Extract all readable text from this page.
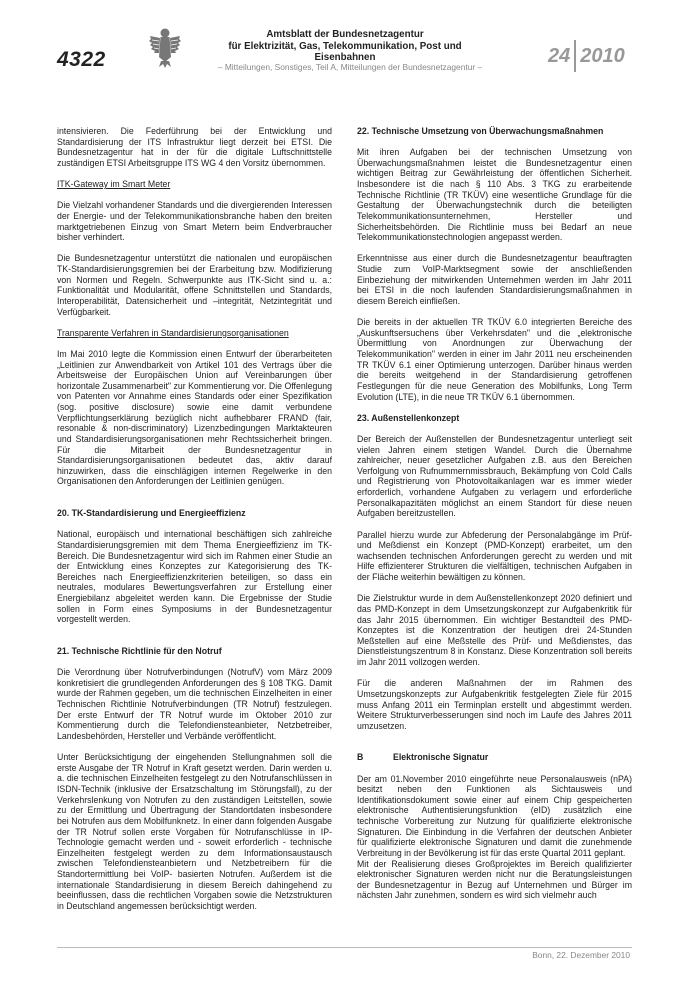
4322
Amtsblatt der Bundesnetzagentur
für Elektrizität, Gas, Telekommunikation, Post und Eisenbahnen
– Mitteilungen, Sonstiges, Teil A, Mitteilungen der Bundesnetzagentur –	24 2010

intensivieren. Die Federführung bei der Entwicklung und Standardisierung der ITS Infrastruktur liegt derzeit bei ETSI. Die Bundesnetzagentur hat in der für die digitale Luftschnittstelle zuständigen ETSI Arbeitsgruppe ITS WG 4 den Vorsitz übernommen.

ITK-Gateway im Smart Meter

Die Vielzahl vorhandener Standards und die divergierenden Interessen der Energie- und der Telekommunikationsbranche haben den breiten marktgetriebenen Einzug von Smart Metern beim Endverbraucher bisher verhindert.

Die Bundesnetzagentur unterstützt die nationalen und europäischen TK-Standardisierungsgremien bei der Erarbeitung bzw. Modifizierung von Normen und Regeln. Schwerpunkte aus ITK-Sicht sind u. a.: Funktionalität und Modularität, offene Schnittstellen und Standards, Interoperabilität, Datensicherheit und –integrität, Netzintegrität und Verfügbarkeit.

Transparente Verfahren in Standardisierungsorganisationen

Im Mai 2010 legte die Kommission einen Entwurf der überarbeiteten „Leitlinien zur Anwendbarkeit von Artikel 101 des Vertrags über die Arbeitsweise der Europäischen Union auf Vereinbarungen über horizontale Zusammenarbeit" zur Kommentierung vor. Die Offenlegung von Patenten vor Annahme eines Standards oder einer Spezifikation (sog. positive disclosure) sowie eine damit verbundene Verpflichtungserklärung bezüglich nicht aufhebbarer FRAND (fair, resonable & non-discriminatory) Lizenzbedingungen Marktakteuren und Standardisierungsorganisationen mehr Rechtssicherheit bringen. Für die Mitarbeit der Bundesnetzagentur in Standardisierungsorganisationen bedeutet das, aktiv darauf hinzuwirken, dass die einschlägigen internen Regelwerke in den Organisationen den Anforderungen der Leitlinien genügen.

20. TK-Standardisierung und Energieeffizienz

National, europäisch und international beschäftigen sich zahlreiche Standardisierungsgremien mit dem Thema Energieeffizienz im TK-Bereich. Die Bundesnetzagentur wird sich im Rahmen einer Studie an der Entwicklung eines Konzeptes zur Kategorisierung des TK-Bereiches nach Energieeffizienzkriterien beteiligen, so dass ein neutrales, modulares Bewertungsverfahren zur Erstellung einer Energiebilanz abgeleitet werden kann. Die Ergebnisse der Studie sollen in Form eines Symposiums in der Bundesnetzagentur vorgestellt werden.

21. Technische Richtlinie für den Notruf

Die Verordnung über Notrufverbindungen (NotrufV) vom März 2009 konkretisiert die grundlegenden Anforderungen des § 108 TKG. Damit wurde der Rahmen gegeben, um die technischen Einzelheiten in einer Technischen Richtlinie Notrufverbindungen (TR Notruf) festzulegen. Der erste Entwurf der TR Notruf wurde im Oktober 2010 zur Kommentierung durch die Telefondiensteanbieter, Netzbetreiber, Landesbehörden, Hersteller und Verbände veröffentlicht.

Unter Berücksichtigung der eingehenden Stellungnahmen soll die erste Ausgabe der TR Notruf in Kraft gesetzt werden. Darin werden u. a. die technischen Einzelheiten festgelegt zu den Notrufanschlüssen in ISDN-Technik (inklusive der Ersatzschaltung im Störungsfall), zu der Verkehrslenkung von Notrufen zu den zuständigen Leitstellen, sowie zu der Ermittlung und Übertragung der Standortdaten insbesondere bei Notrufen aus dem Mobilfunknetz. In einer dann folgenden Ausgabe der TR Notruf sollen erste Vorgaben für Notrufanschlüsse in IP-Technologie gemacht werden und - soweit erforderlich - technische Einzelheiten festgelegt werden zu dem Informationsaustausch zwischen Telefondiensteanbietern und Netzbetreibern für die Standortermittlung bei VoIP- basierten Notrufen. Außerdem ist die internationale Standardisierung in diesem Bereich dahingehend zu beeinflussen, dass die rechtlichen Vorgaben sowie die Netzstrukturen in Deutschland angemessen berücksichtigt werden.

22. Technische Umsetzung von Überwachungsmaßnahmen

Mit ihren Aufgaben bei der technischen Umsetzung von Überwachungsmaßnahmen leistet die Bundesnetzagentur einen wichtigen Beitrag zur Gewährleistung der öffentlichen Sicherheit. Insbesondere ist die nach § 110 Abs. 3 TKG zu erarbeitende Technische Richtlinie (TR TKÜV) eine wesentliche Grundlage für die Gestaltung der Überwachungstechnik durch die beteiligten Telekommunikationsunternehmen, Hersteller und Sicherheitsbehörden. Die Richtlinie muss bei Bedarf an neue Telekommunikationstechnologien angepasst werden.

Erkenntnisse aus einer durch die Bundesnetzagentur beauftragten Studie zum VoIP-Marktsegment sowie der anschließenden Einbeziehung der mitwirkenden Unternehmen werden im Jahr 2011 bei ETSI in die noch laufenden Standardisierungsmaßnahmen in diesem Bereich einfließen.

Die bereits in der aktuellen TR TKÜV 6.0 integrierten Bereiche des „Auskunftsersuchens über Verkehrsdaten" und die „elektronische Übermittlung von Anordnungen zur Überwachung der Telekommunikation" werden in einer im Jahr 2011 neu erscheinenden TR TKÜV 6.1 einer Optimierung unterzogen. Darüber hinaus werden die bereits weitgehend in der Standardisierung getroffenen Festlegungen für die neue Generation des Mobilfunks, Long Term Evolution (LTE), in die neue TR TKÜV 6.1 übernommen.

23. Außenstellenkonzept

Der Bereich der Außenstellen der Bundesnetzagentur unterliegt seit vielen Jahren einem stetigen Wandel. Durch die Übernahme zahlreicher, neuer gesetzlicher Aufgaben z.B. aus den Bereichen Verfolgung von Rufnummernmissbrauch, Bekämpfung von Cold Calls und Registrierung von Photovoltaikanlagen war es immer wieder erforderlich, vorhandene Aufgaben zu verlagern und erforderliche Personalkapazitäten möglichst an einem Standort für diese neuen Aufgaben bereitzustellen.

Parallel hierzu wurde zur Abfederung der Personalabgänge im Prüf- und Meßdienst ein Konzept (PMD-Konzept) erarbeitet, um den wachsenden technischen Anforderungen gerecht zu werden und mit Hilfe effizienterer Strukturen die vielfältigen, technischen Aufgaben in der Fläche weiterhin bewältigen zu können.

Die Zielstruktur wurde in dem Außenstellenkonzept 2020 definiert und das PMD-Konzept in dem Umsetzungskonzept zur Aufgabenkritik für das Jahr 2015 übernommen. Ein wichtiger Bestandteil des PMD-Konzeptes ist die Konzentration der heutigen drei 24-Stunden Meßstellen auf eine Meßstelle des Prüf- und Meßdienstes, das Dienstleistungszentrum 8 in Konstanz. Diese Konzentration soll bereits im Jahr 2011 vollzogen werden.

Für die anderen Maßnahmen der im Rahmen des Umsetzungskonzepts zur Aufgabenkritik festgelegten Ziele für 2015 muss Anfang 2011 ein Terminplan erstellt und abgestimmt werden. Weitere Strukturverbesserungen sind noch im Laufe des Jahres 2011 umzusetzen.

B	Elektronische Signatur

Der am 01.November 2010 eingeführte neue Personalausweis (nPA) besitzt neben den Funktionen als Sichtausweis und Identifikationsdokument sowie einer auf einem Chip gespeicherten elektronische Authentisierungsfunktion (eID) zusätzlich eine technische Vorbereitung zur Nutzung für qualifizierte elektronische Signaturen. Die Einbindung in die Verfahren der deutschen Anbieter für qualifizierte elektronische Signaturen und damit die zunehmende Verbreitung in der Bevölkerung ist für das erste Quartal 2011 geplant.

Mit der Realisierung dieses Großprojektes im Bereich qualifizierter elektronischer Signaturen werden nicht nur die Beratungsleistungen der Bundesnetzagentur in Bezug auf Unternehmen und Bürger im nächsten Jahr zunehmen, sondern es wird sich vielmehr auch

Bonn, 22. Dezember 2010
